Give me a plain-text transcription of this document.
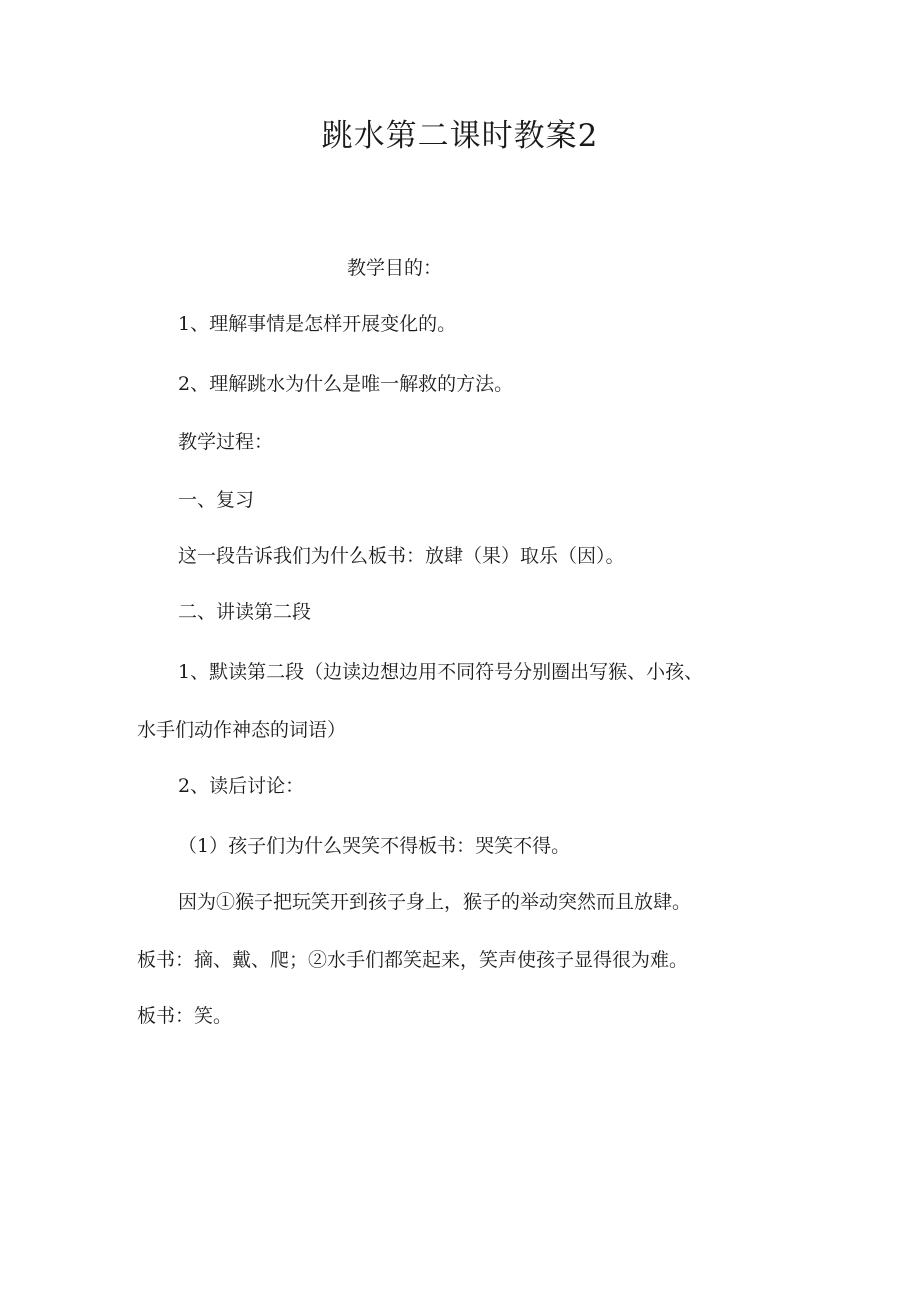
跳水第二课时教案2
教学目的：
1、理解事情是怎样开展变化的。
2、理解跳水为什么是唯一解救的方法。
教学过程：
一、复习
这一段告诉我们为什么板书：放肆（果）取乐（因）。
二、讲读第二段
1、默读第二段（边读边想边用不同符号分别圈出写猴、小孩、
水手们动作神态的词语）
2、读后讨论：
（1）孩子们为什么哭笑不得板书：哭笑不得。
因为①猴子把玩笑开到孩子身上，猴子的举动突然而且放肆。
板书：摘、戴、爬；②水手们都笑起来，笑声使孩子显得很为难。
板书：笑。
